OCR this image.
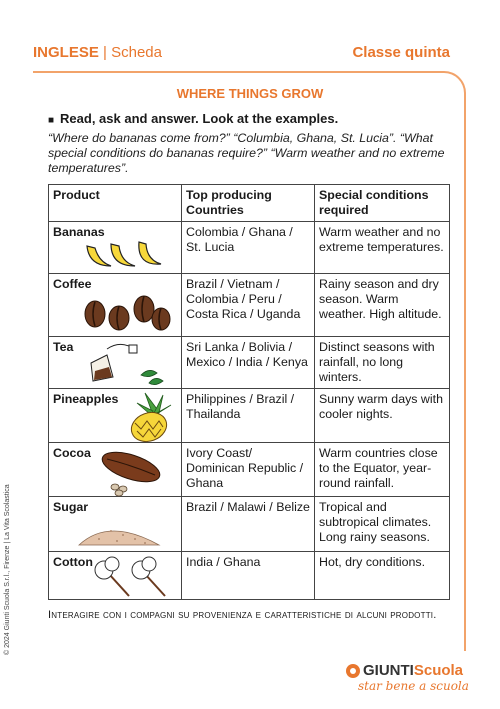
INGLESE | Scheda	Classe quinta
WHERE THINGS GROW
■ Read, ask and answer. Look at the examples.
“Where do bananas come from?” “Columbia, Ghana, St. Lucia”. “What special conditions do bananas require?” “Warm weather and no extreme temperatures”.
Product	Top producing Countries	Special conditions required
Bananas	Colombia / Ghana / St. Lucia	Warm weather and no extreme temperatures.
Coffee	Brazil / Vietnam / Colombia / Peru / Costa Rica / Uganda	Rainy season and dry season. Warm weather. High altitude.
Tea	Sri Lanka / Bolivia / Mexico / India / Kenya	Distinct seasons with rainfall, no long winters.
Pineapples	Philippines / Brazil / Thailanda	Sunny warm days with cooler nights.
Cocoa	Ivory Coast/ Dominican Republic / Ghana	Warm countries close to the Equator, year-round rainfall.
Sugar	Brazil / Malawi / Belize	Tropical and subtropical climates. Long rainy seasons.
Cotton	India / Ghana	Hot, dry conditions.
Interagire con i compagni su provenienza e caratteristiche di alcuni prodotti.
© 2024 Giunti Scuola S.r.l., Firenze | La Vita Scolastica
GIUNTI Scuola
star bene a scuola
